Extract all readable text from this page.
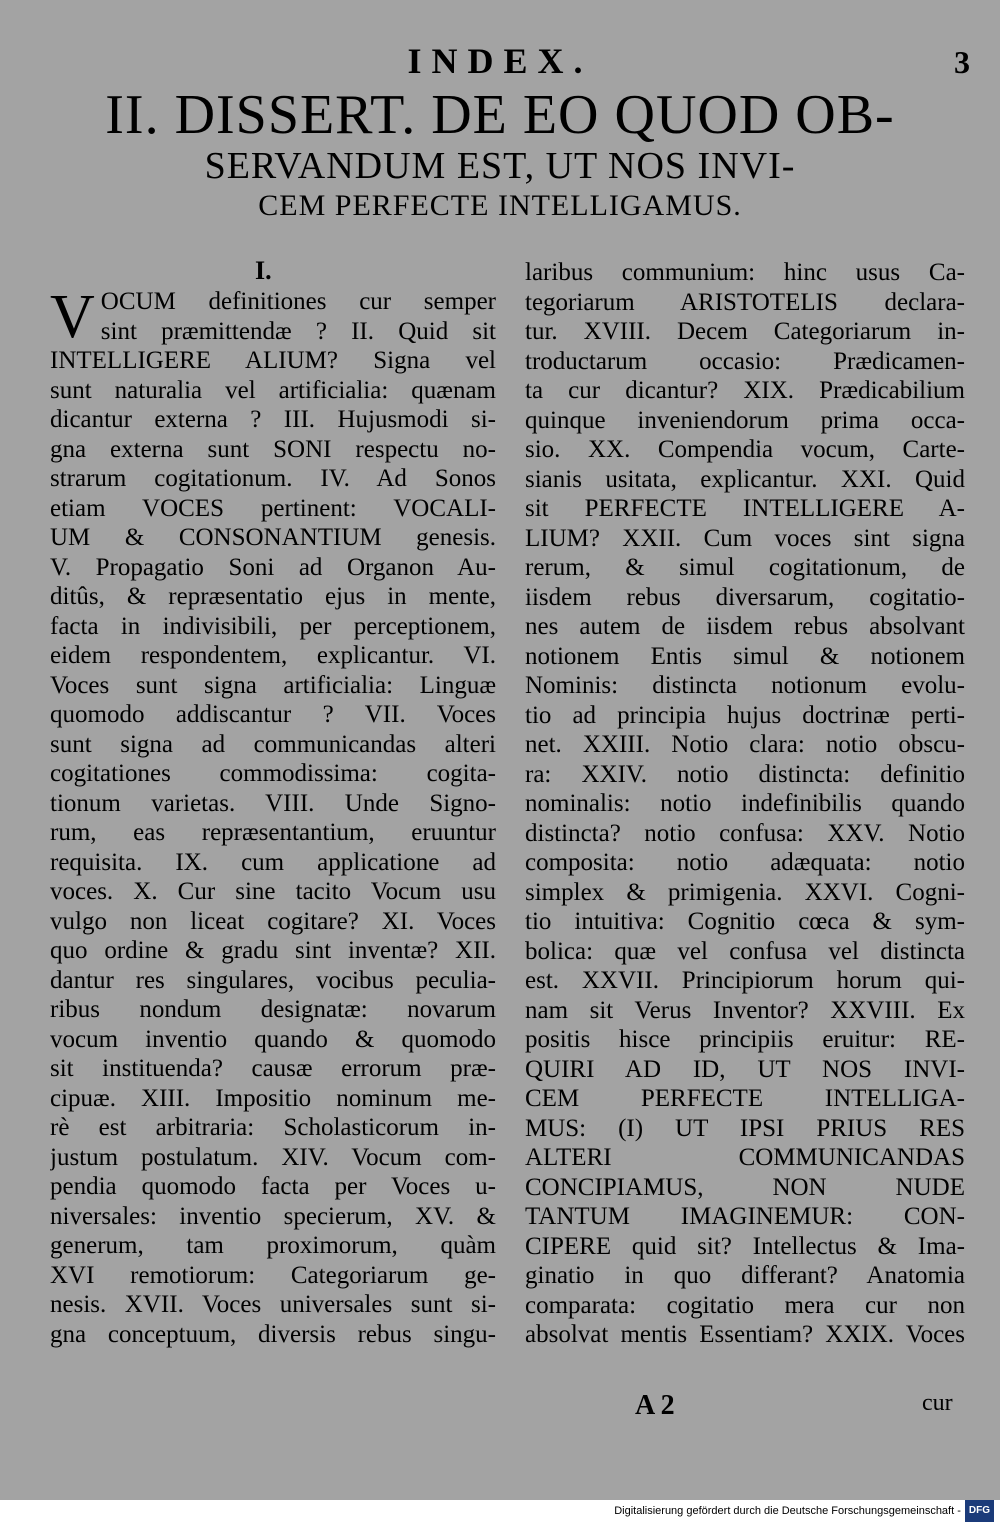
INDEX.	3
II. DISSERT. DE EO QUOD OB-
SERVANDUM EST, UT NOS INVI-
CEM PERFECTE INTELLIGAMUS.
I.
V OCUM definitiones cur semper
sint præmittendæ ? II. Quid sit
INTELLIGERE ALIUM? Signa vel
sunt naturalia vel artificialia: quænam
dicantur externa ? III. Hujusmodi si-
gna externa sunt SONI respectu no-
strarum cogitationum. IV. Ad Sonos
etiam VOCES pertinent: VOCALI-
UM & CONSONANTIUM genesis.
V. Propagatio Soni ad Organon Au-
ditûs, & repræsentatio ejus in mente,
facta in indivisibili, per perceptionem,
eidem respondentem, explicantur. VI.
Voces sunt signa artificialia: Linguæ
quomodo addiscantur ? VII. Voces
sunt signa ad communicandas alteri
cogitationes commodissima: cogita-
tionum varietas. VIII. Unde Signo-
rum, eas repræsentantium, eruuntur
requisita. IX. cum applicatione ad
voces. X. Cur sine tacito Vocum usu
vulgo non liceat cogitare? XI. Voces
quo ordine & gradu sint inventæ? XII.
dantur res singulares, vocibus peculia-
ribus nondum designatæ: novarum
vocum inventio quando & quomodo
sit instituenda? causæ errorum præ-
cipuæ. XIII. Impositio nominum me-
rè est arbitraria: Scholasticorum in-
justum postulatum. XIV. Vocum com-
pendia quomodo facta per Voces u-
niversales: inventio specierum, XV. &
generum, tam proximorum, quàm
XVI remotiorum: Categoriarum ge-
nesis. XVII. Voces universales sunt si-
gna conceptuum, diversis rebus singu-
laribus communium: hinc usus Ca-
tegoriarum ARISTOTELIS declara-
tur. XVIII. Decem Categoriarum in-
troductarum occasio: Prædicamen-
ta cur dicantur? XIX. Prædicabilium
quinque inveniendorum prima occa-
sio. XX. Compendia vocum, Carte-
sianis usitata, explicantur. XXI. Quid
sit PERFECTE INTELLIGERE A-
LIUM? XXII. Cum voces sint signa
rerum, & simul cogitationum, de
iisdem rebus diversarum, cogitatio-
nes autem de iisdem rebus absolvant
notionem Entis simul & notionem
Nominis: distincta notionum evolu-
tio ad principia hujus doctrinæ perti-
net. XXIII. Notio clara: notio obscu-
ra: XXIV. notio distincta: definitio
nominalis: notio indefinibilis quando
distincta? notio confusa: XXV. Notio
composita: notio adæquata: notio
simplex & primigenia. XXVI. Cogni-
tio intuitiva: Cognitio cœca & sym-
bolica: quæ vel confusa vel distincta
est. XXVII. Principiorum horum qui-
nam sit Verus Inventor? XXVIII. Ex
positis hisce principiis eruitur: RE-
QUIRI AD ID, UT NOS INVI-
CEM PERFECTE INTELLIGA-
MUS: (I) UT IPSI PRIUS RES
ALTERI COMMUNICANDAS
CONCIPIAMUS, NON NUDE
TANTUM IMAGINEMUR: CON-
CIPERE quid sit? Intellectus & Ima-
ginatio in quo differant? Anatomia
comparata: cogitatio mera cur non
absolvat mentis Essentiam? XXIX. Voces
A 2	cur
Digitalisierung gefördert durch die Deutsche Forschungsgemeinschaft - DFG
